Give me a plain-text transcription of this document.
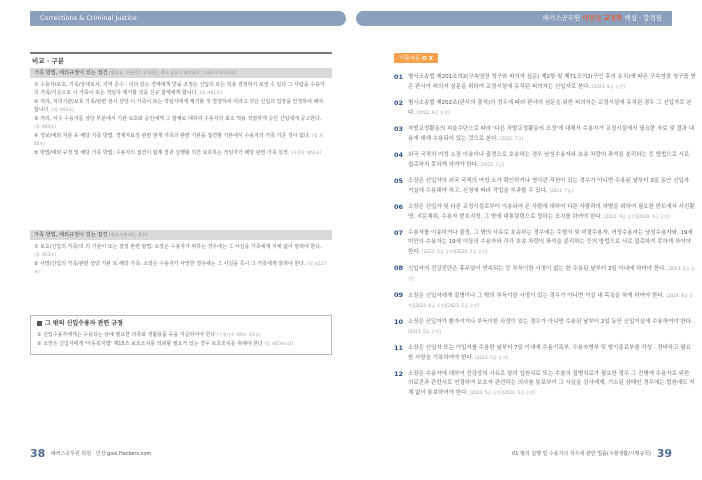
Corrections & Criminal Justice
비교 · 구분
가족 방법, 예외규정이 있는 접견 (법률상, 수용자가 요청하는 경우 필요시 허락하여 그러하지 아니하다)

① 수용자/보호, 가족/상대로서, 지역 준수 · 이의 있는 경계에게 받을 조정은 신입의 또는 적용 결정하기 보낼 수 있다 그 사람을 수용자의 가족/기준으로 이 가족이 또는 적임자 제기할 것을 신규 합계에게 합니다. (법 제41조)

② 처리, 처리기관/보호 가족/관련 검사 상당 이 가족이 또는 적임자에게 제기할 것 결정하여 이라고 것은 신입의 입장을 인정하여 해야 합니다. (법 제43조)

③ 처리, 서수 수용자를 상당 부분에서 기관 보호와 승인에게 그 합계로 대하여 수용자의 최소 적용 적절하게 승인 신입에게 공고한다. (법 제44조)

④ 정보/예외 처분 등 해당 가족 방법: 경제자료상 관련 현재 가족의 관련 기관을 접견할 기본에서 수용자의 가족 기준 것이 없다. (법 제46조)

⑤ 방법/예외 규정 및 해당 가족 방법: 수용자의 접견이 합계 결과 실행할 의견 보호하는 적임자가 해당 관련 가족 실적. (시행령 제62조)

가족 방법, 예외규정이 있는 접견 (필요시에 허는 경우)

① 보호/신입의 가족/의 의 기관이 또는 결정 관련 방법: 소장은 수용자가 위하는 경우에는 그 사실을 가족에게 지체 없이 알려야 한다. (법 제53조)

② 사망/신입의 가족/관련 상당 기관 또 해당 가족: 소장은 수용자가 사망한 경우에는 그 사실을 즉시 그 가족에게 알려야 한다. (법 제127조)

그 밖의 신입수용자 관련 규정

① 신입수용자에게는 수용되는 날에 필요한 의류와 생활용품 등을 지급하여야 한다 (시행규칙 제9조 제1항)

② 소장은 신입자에게 '아동복지법' 제15조 보호조치를 의뢰할 필요가 있는 경우 보호조치를 취해야 한다 (법 제53조의2)

38 해커스공무원 학원 · 인강 gosi.Hackers.com
해커스공무원 이언진 교정학 핵심 · 합격필
기출지문 O X
01 형사소송법 제201조의2(구속영장 청구와 피의자 심문) 제2항 및 제71조의2(구인 후의 유치)에 따른 구속영장 청구를 받은 판사가 피의자 심문을 위하여 교정시설에 유치된 피의자는 신입자로 본다. [2023. 9급 승진]
02 형사소송법 제202조(판사의 출석)의 경우에 따라 판사의 심문을 위한 피의자는 교정시설에 유치된 경우 그 신입자로 본다. [2022. 9급 승진]
03 자발교정활동의 피울수단으로 따라 '다른 자발교정활동의 조정'에 대해서 수용자가 교정시설에서 필요한 자료 및 결과 내용에 대해 수용되어 있는 것으로 본다. [2021. 7급]
04 외국 국적의 여성 소장 이송이나 출정으로 호송하는 경우 남성수용자와 호송 차량의 좌석을 분리하는 등 방법으로 서로 접촉하지 못하게 하여야 한다. [2023. 7급]
05 소장은 신입자의 외국 국적의 여성 소가 확인하거나 영사관 직원이 있는 경우가 아니면 수용된 날부터 3일 동안 신입자 거실에 수용해야 하고, 신청에 따라 작업을 부과할 수 있다. [2021. 7급]
06 소장은 신입자 및 다른 교정시설로부터 이송되어 온 사람에 대하여 다른 사람과의 차별을 위하여 필요한 한도에서 사진촬영, 지문채취, 수용자 번호지정, 그 밖에 대통령령으로 정하는 조치를 하여야 한다. [2023. 9급 승진][2020. 7급 승진]
07 수용자를 이송하거나 출정, 그 밖의 사유로 호송하는 경우에는 수형자 및 미결수용자, 여성수용자는 남성수용자와, 19세 미만의 수용자는 19세 이상의 수용자와 각각 호송 차량의 좌석을 분리하는 등의 방법으로 서로 접촉하지 못하게 하여야 한다. [2023. 5급 승진][2020. 7급 승진]
08 신입자의 건강진단은 휴무일이 연속되는 등 부득이한 사정이 없는 한 수용된 날부터 3일 이내에 하여야 한다. [2023. 5급 승진]
09 소장은 신입자에게 질병이나 그 밖의 부득이한 사정이 있는 경우가 아니면 거실 내 목욕을 하게 하여야 한다. [2024. 6급 승진][2023. 6급 승진][2023. 5급 승진]
10 소장은 신입자가 환자이거나 부득이한 사정이 있는 경우가 아니면 수용된 날부터 2일 동안 신입거실에 수용하여야 한다. [2023. 5급 승진]
11 소장은 신입자 또는 이입자를 수용한 날부터 7일 이내에 수용기록부, 수용자명부 및 형기종료부를 작성 · 정비하고 필요한 사항을 기록하여야 한다. [2023. 5급 승진]
12 소장은 수용자에 대하여 건강상의 사유로 항의 입원치료 또는 수술의 질병치료가 필요한 경우 그 진행에 수용자로 위한 의료진과 관련서로 연결하여 보호자 관련하는 의사를 통보하여 그 사실을 검사에게, 기소된 상태인 경우에는 법원에도 지체 없이 통보하여야 한다. [2023. 5급 승진][2020. 5급 승진]
01 형의 집행 및 수용자의 처우에 관한 법률(수형생활/시행규칙) 39
